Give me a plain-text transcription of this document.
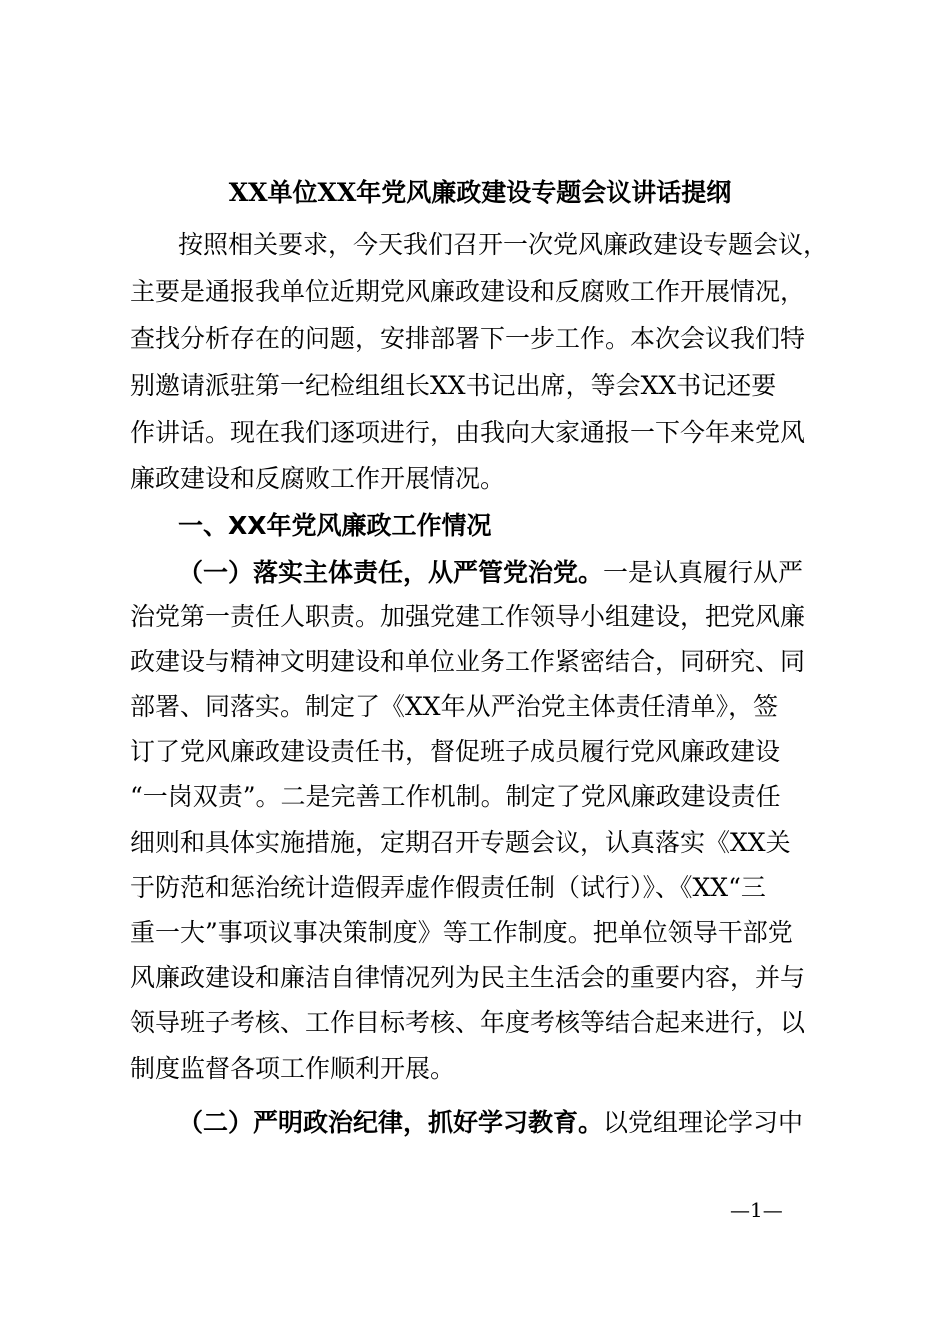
XX单位XX年党风廉政建设专题会议讲话提纲
按照相关要求，今天我们召开一次党风廉政建设专题会议，
主要是通报我单位近期党风廉政建设和反腐败工作开展情况，
查找分析存在的问题，安排部署下一步工作。本次会议我们特
别邀请派驻第一纪检组组长XX书记出席，等会XX书记还要
作讲话。现在我们逐项进行，由我向大家通报一下今年来党风
廉政建设和反腐败工作开展情况。
一、XX年党风廉政工作情况
（一）落实主体责任，从严管党治党。一是认真履行从严
治党第一责任人职责。加强党建工作领导小组建设，把党风廉
政建设与精神文明建设和单位业务工作紧密结合，同研究、同
部署、同落实。制定了《XX年从严治党主体责任清单》，签
订了党风廉政建设责任书，督促班子成员履行党风廉政建设
“一岗双责”。二是完善工作机制。制定了党风廉政建设责任
细则和具体实施措施，定期召开专题会议，认真落实《XX关
于防范和惩治统计造假弄虚作假责任制（试行）》、《XX“三
重一大”事项议事决策制度》等工作制度。把单位领导干部党
风廉政建设和廉洁自律情况列为民主生活会的重要内容，并与
领导班子考核、工作目标考核、年度考核等结合起来进行，以
制度监督各项工作顺利开展。
（二）严明政治纪律，抓好学习教育。以党组理论学习中
—1—
